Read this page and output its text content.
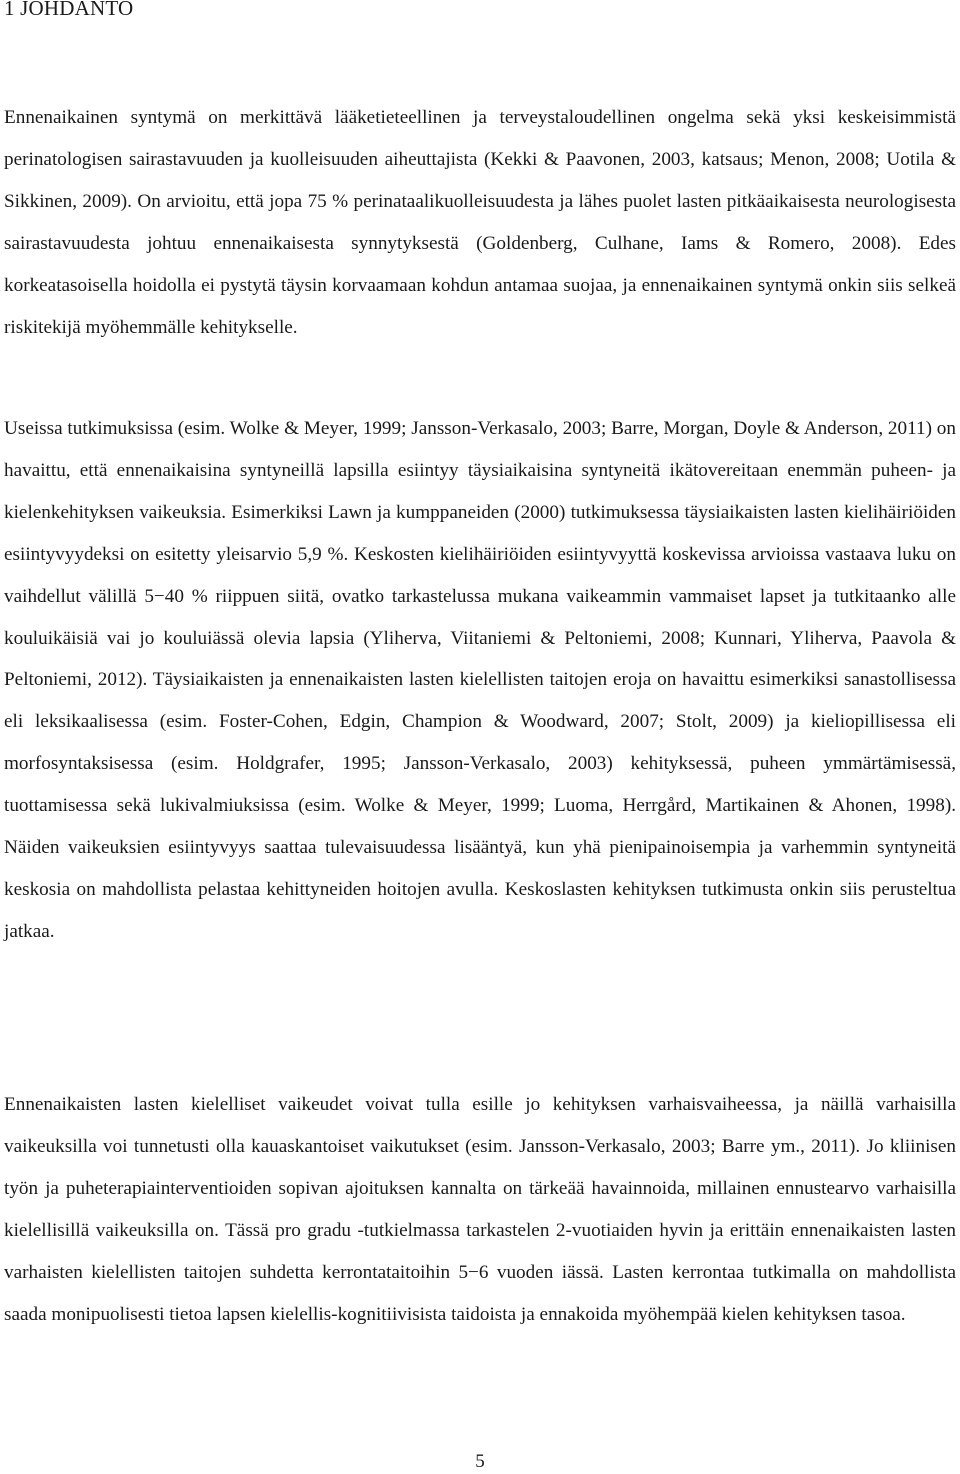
1 JOHDANTO

Ennenaikainen syntymä on merkittävä lääketieteellinen ja terveystaloudellinen ongelma sekä yksi keskeisimmistä perinatologisen sairastavuuden ja kuolleisuuden aiheuttajista (Kekki & Paavonen, 2003, katsaus; Menon, 2008; Uotila & Sikkinen, 2009). On arvioitu, että jopa 75 % perinataalikuolleisuudesta ja lähes puolet lasten pitkäaikaisesta neurologisesta sairastavuudesta johtuu ennenaikaisesta synnytyksestä (Goldenberg, Culhane, Iams & Romero, 2008). Edes korkeatasoisella hoidolla ei pystytä täysin korvaamaan kohdun antamaa suojaa, ja ennenaikainen syntymä onkin siis selkeä riskitekijä myöhemmälle kehitykselle.

Useissa tutkimuksissa (esim. Wolke & Meyer, 1999; Jansson-Verkasalo, 2003; Barre, Morgan, Doyle & Anderson, 2011) on havaittu, että ennenaikaisina syntyneillä lapsilla esiintyy täysiaikaisina syntyneitä ikätovereitaan enemmän puheen- ja kielenkehityksen vaikeuksia. Esimerkiksi Lawn ja kumppaneiden (2000) tutkimuksessa täysiaikaisten lasten kielihäiriöiden esiintyvyydeksi on esitetty yleisarvio 5,9 %. Keskosten kielihäiriöiden esiintyvyyttä koskevissa arvioissa vastaava luku on vaihdellut välillä 5−40 % riippuen siitä, ovatko tarkastelussa mukana vaikeammin vammaiset lapset ja tutkitaanko alle kouluikäisiä vai jo kouluiässä olevia lapsia (Yliherva, Viitaniemi & Peltoniemi, 2008; Kunnari, Yliherva, Paavola & Peltoniemi, 2012). Täysiaikaisten ja ennenaikaisten lasten kielellisten taitojen eroja on havaittu esimerkiksi sanastollisessa eli leksikaalisessa (esim. Foster-Cohen, Edgin, Champion & Woodward, 2007; Stolt, 2009) ja kieliopillisessa eli morfosyntaksisessa (esim. Holdgrafer, 1995; Jansson-Verkasalo, 2003) kehityksessä, puheen ymmärtämisessä, tuottamisessa sekä lukivalmiuksissa (esim. Wolke & Meyer, 1999; Luoma, Herrgård, Martikainen & Ahonen, 1998). Näiden vaikeuksien esiintyvyys saattaa tulevaisuudessa lisääntyä, kun yhä pienipainoisempia ja varhemmin syntyneitä keskosia on mahdollista pelastaa kehittyneiden hoitojen avulla. Keskoslasten kehityksen tutkimusta onkin siis perusteltua jatkaa.

Ennenaikaisten lasten kielelliset vaikeudet voivat tulla esille jo kehityksen varhaisvaiheessa, ja näillä varhaisilla vaikeuksilla voi tunnetusti olla kauaskantoiset vaikutukset (esim. Jansson-Verkasalo, 2003; Barre ym., 2011). Jo kliinisen työn ja puheterapiainterventioiden sopivan ajoituksen kannalta on tärkeää havainnoida, millainen ennustearvo varhaisilla kielellisillä vaikeuksilla on. Tässä pro gradu -tutkielmassa tarkastelen 2-vuotiaiden hyvin ja erittäin ennenaikaisten lasten varhaisten kielellisten taitojen suhdetta kerrontataitoihin 5−6 vuoden iässä. Lasten kerrontaa tutkimalla on mahdollista saada monipuolisesti tietoa lapsen kielellis-kognitiivisista taidoista ja ennakoida myöhempää kielen kehityksen tasoa.

5
